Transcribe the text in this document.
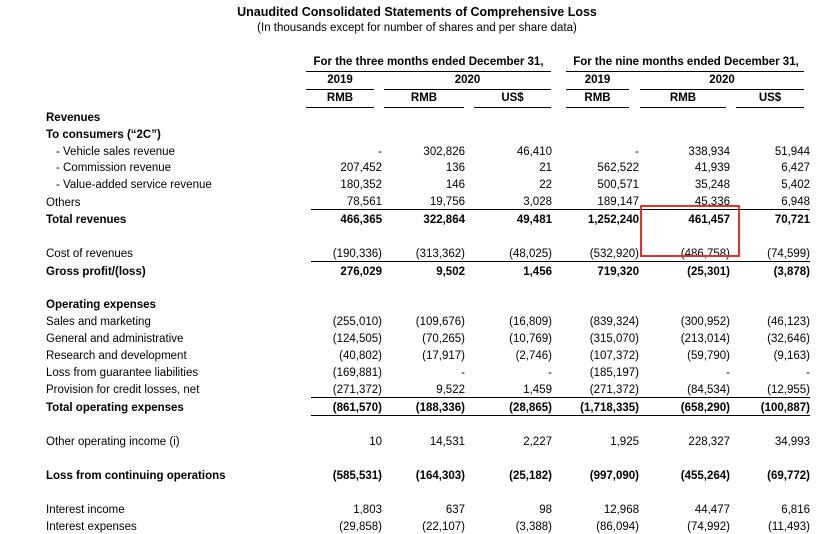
Unaudited Consolidated Statements of Comprehensive Loss
(In thousands except for number of shares and per share data)
For the three months ended December 31,	For the nine months ended December 31,
2019	2020	2019	2020
RMB	RMB	US$	RMB	RMB	US$
Revenues						
To consumers (“2C”)						
- Vehicle sales revenue	-	302,826	46,410	-	338,934	51,944
- Commission revenue	207,452	136	21	562,522	41,939	6,427
- Value-added service revenue	180,352	146	22	500,571	35,248	5,402
Others	78,561	19,756	3,028	189,147	45,336	6,948
Total revenues	466,365	322,864	49,481	1,252,240	461,457	70,721

Cost of revenues	(190,336)	(313,362)	(48,025)	(532,920)	(486,758)	(74,599)
Gross profit/(loss)	276,029	9,502	1,456	719,320	(25,301)	(3,878)

Operating expenses						
Sales and marketing	(255,010)	(109,676)	(16,809)	(839,324)	(300,952)	(46,123)
General and administrative	(124,505)	(70,265)	(10,769)	(315,070)	(213,014)	(32,646)
Research and development	(40,802)	(17,917)	(2,746)	(107,372)	(59,790)	(9,163)
Loss from guarantee liabilities	(169,881)	-	-	(185,197)	-	-
Provision for credit losses, net	(271,372)	9,522	1,459	(271,372)	(84,534)	(12,955)
Total operating expenses	(861,570)	(188,336)	(28,865)	(1,718,335)	(658,290)	(100,887)

Other operating income (i)	10	14,531	2,227	1,925	228,327	34,993

Loss from continuing operations	(585,531)	(164,303)	(25,182)	(997,090)	(455,264)	(69,772)

Interest income	1,803	637	98	12,968	44,477	6,816
Interest expenses	(29,858)	(22,107)	(3,388)	(86,094)	(74,992)	(11,493)
